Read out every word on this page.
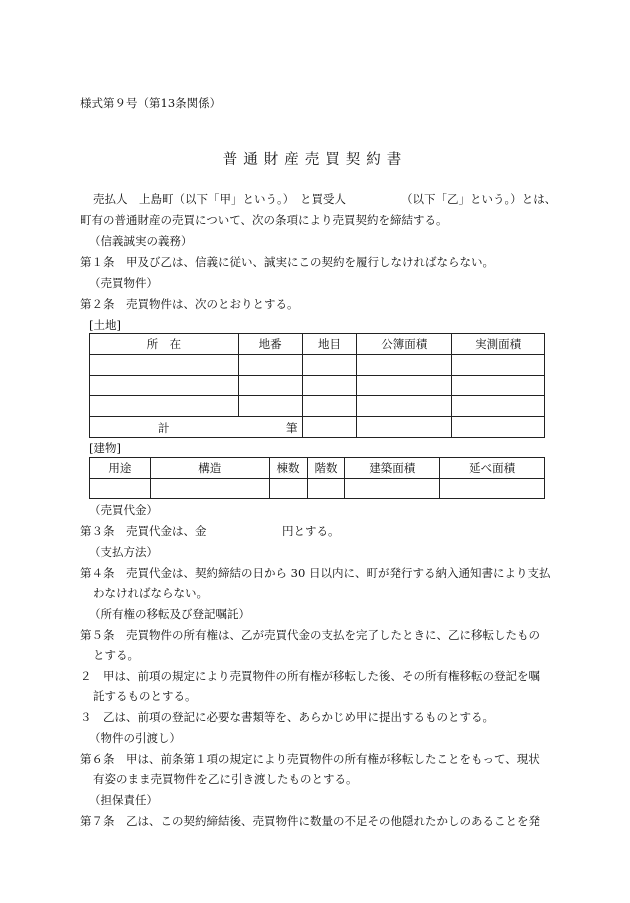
様式第９号（第13条関係）
普通財産売買契約書
売払人　上島町（以下「甲」という。）　と買受人	（以下「乙」という。）とは、
町有の普通財産の売買について、次の条項により売買契約を締結する。
（信義誠実の義務）
第１条　甲及び乙は、信義に従い、誠実にこの契約を履行しなければならない。
（売買物件）
第２条　売買物件は、次のとおりとする。
[土地]
所　在	地番	地目	公簿面積	実測面積

計 筆				

[建物]
用途	構造	棟数	階数	建築面積	延べ面積

（売買代金）
第３条　売買代金は、金	円とする。
（支払方法）
第４条　売買代金は、契約締結の日から 30 日以内に、町が発行する納入通知書により支払
わなければならない。
（所有権の移転及び登記嘱託）
第５条　売買物件の所有権は、乙が売買代金の支払を完了したときに、乙に移転したもの
とする。
２　甲は、前項の規定により売買物件の所有権が移転した後、その所有権移転の登記を嘱
託するものとする。
３　乙は、前項の登記に必要な書類等を、あらかじめ甲に提出するものとする。
（物件の引渡し）
第６条　甲は、前条第１項の規定により売買物件の所有権が移転したことをもって、現状
有姿のまま売買物件を乙に引き渡したものとする。
（担保責任）
第７条　乙は、この契約締結後、売買物件に数量の不足その他隠れたかしのあることを発
